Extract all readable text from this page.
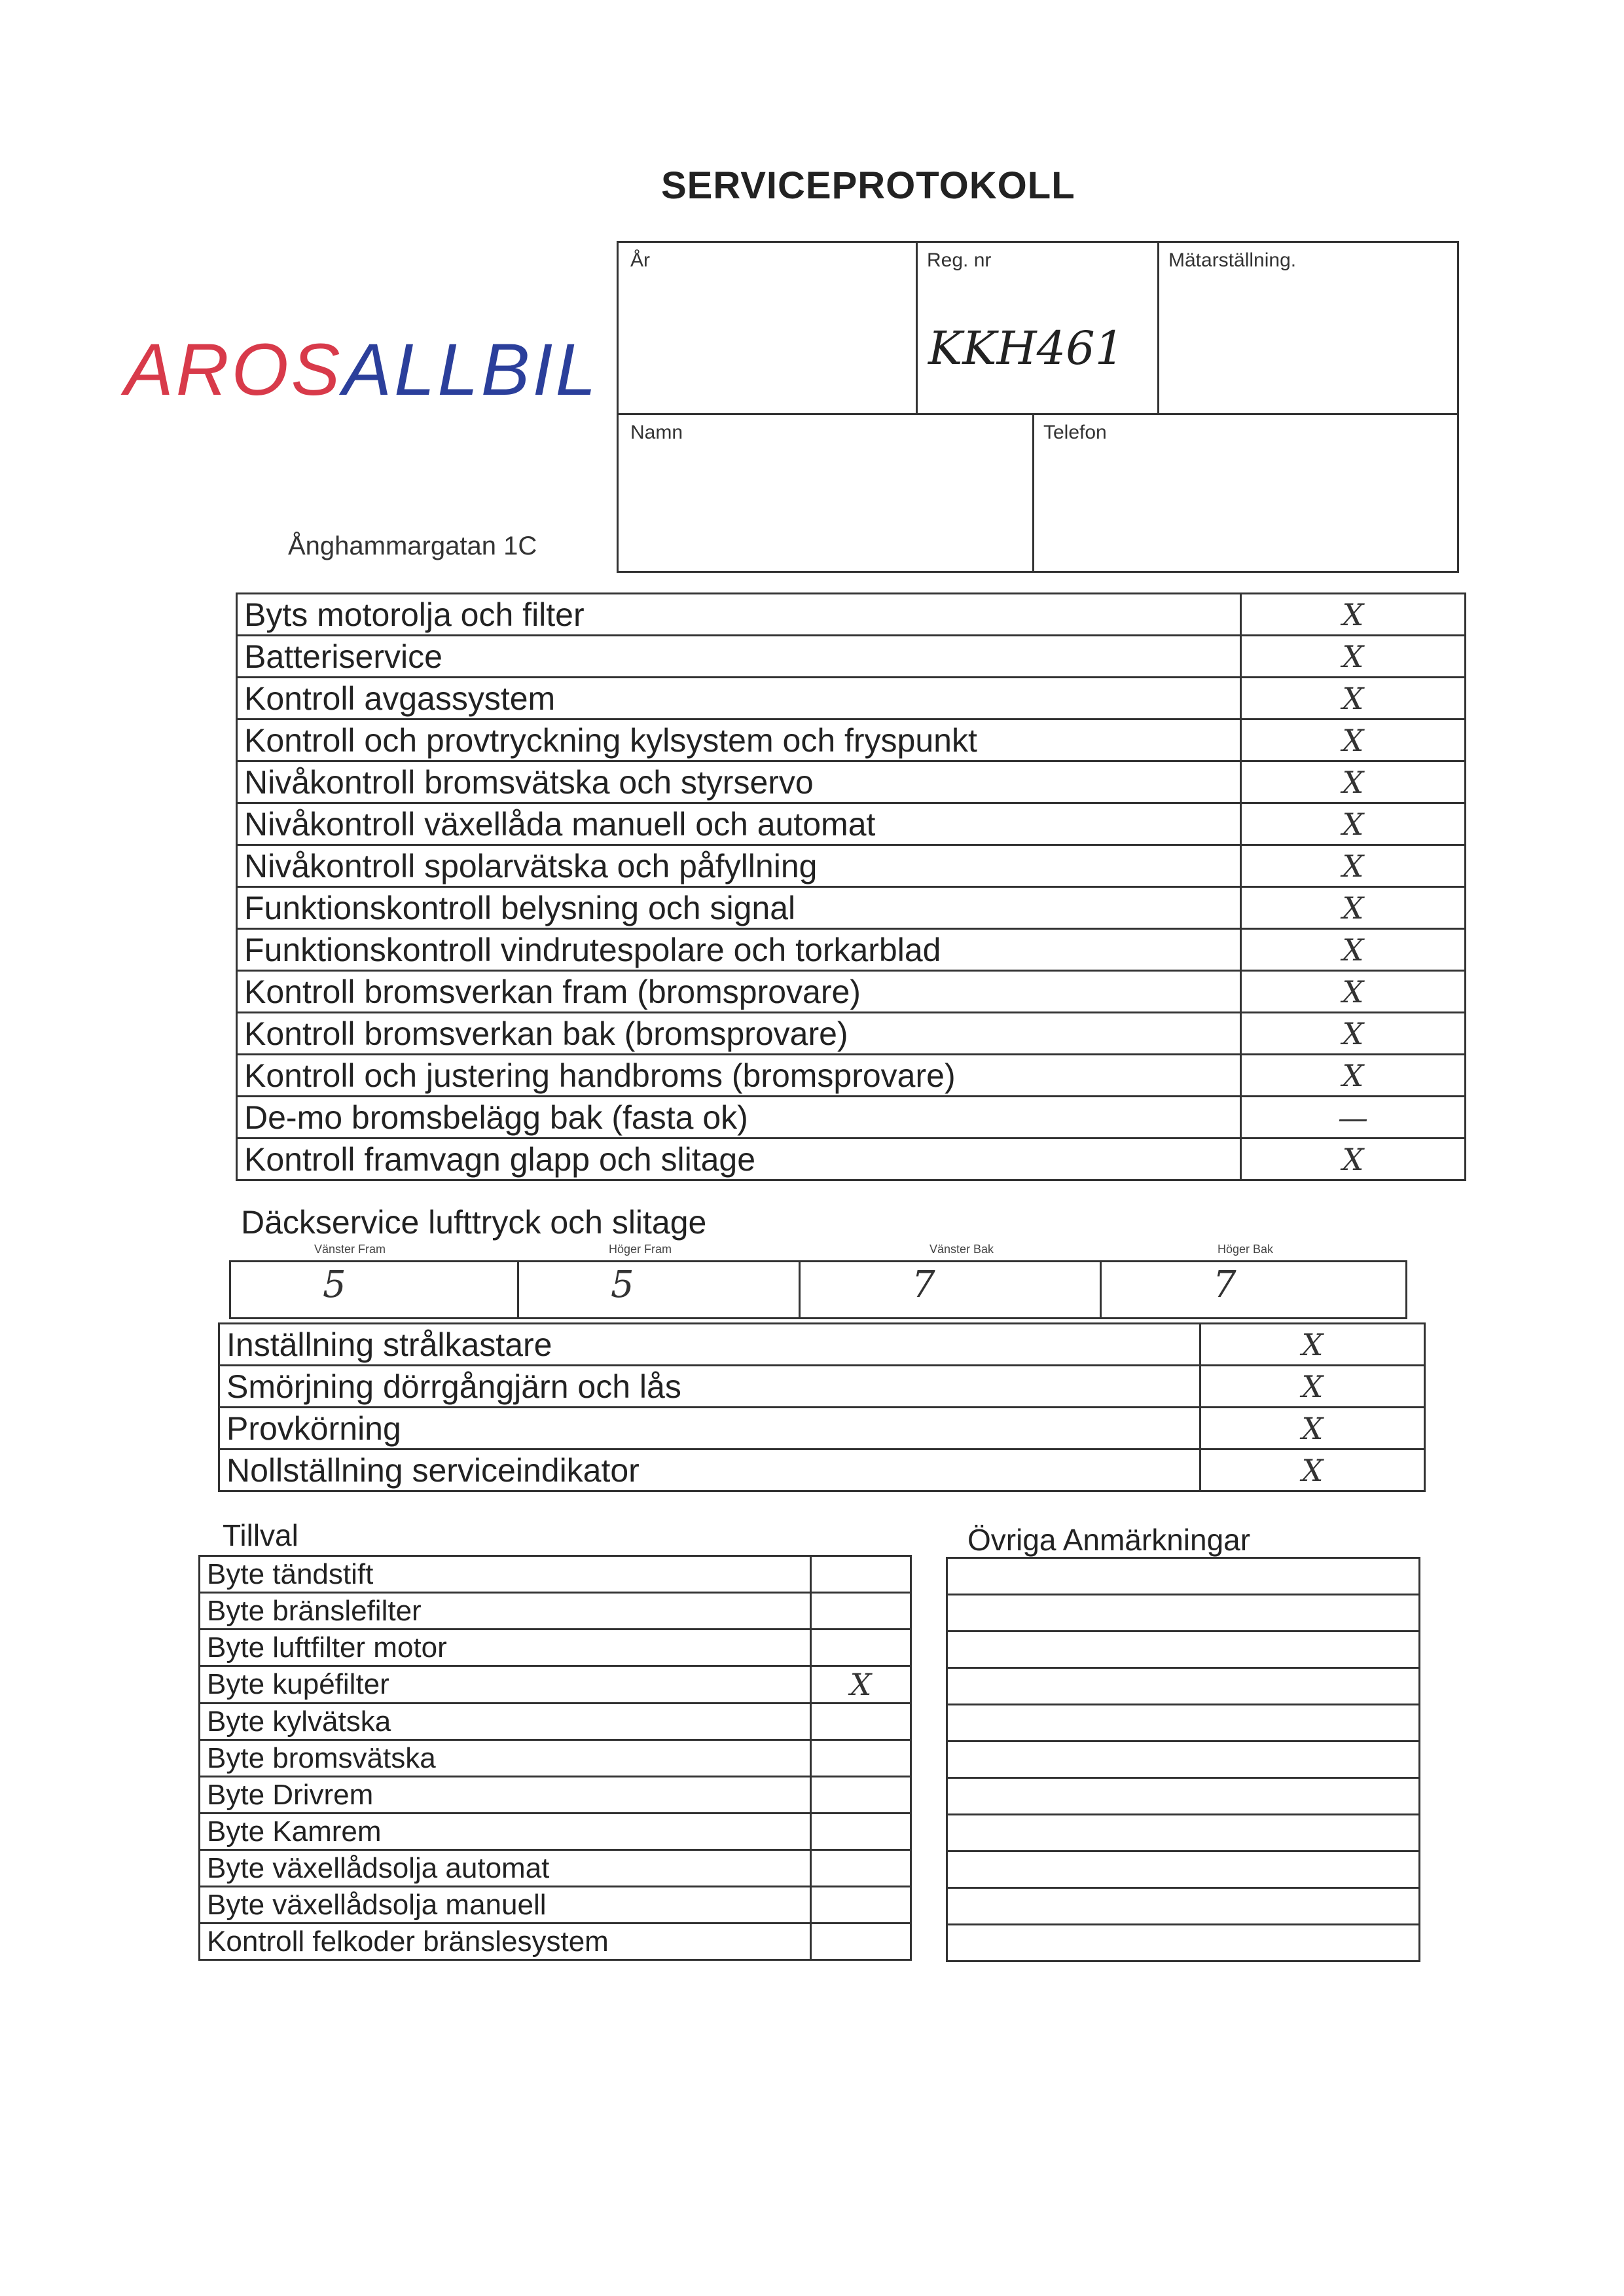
SERVICEPROTOKOLL
AROSALLBIL
Ånghammargatan 1C
År	Reg. nr
KKH461
Mätarställning.
Namn	Telefon
Byts motorolja och filter	X
Batteriservice	X
Kontroll avgassystem	X
Kontroll och provtryckning kylsystem och fryspunkt	X
Nivåkontroll bromsvätska och styrservo	X
Nivåkontroll växellåda manuell och automat	X
Nivåkontroll spolarvätska och påfyllning	X
Funktionskontroll belysning och signal	X
Funktionskontroll vindrutespolare och torkarblad	X
Kontroll bromsverkan fram (bromsprovare)	X
Kontroll bromsverkan bak (bromsprovare)	X
Kontroll och justering handbroms (bromsprovare)	X
De-mo bromsbelägg bak (fasta ok)	—
Kontroll framvagn glapp och slitage	X
Däckservice lufttryck och slitage
Vänster Fram	Höger Fram	Vänster Bak	Höger Bak
5	5	7	7
Inställning strålkastare	X
Smörjning dörrgångjärn och lås	X
Provkörning	X
Nollställning serviceindikator	X
Tillval
Byte tändstift	
Byte bränslefilter	
Byte luftfilter motor	
Byte kupéfilter	X
Byte kylvätska	
Byte bromsvätska	
Byte Drivrem	
Byte Kamrem	
Byte växellådsolja automat	
Byte växellådsolja manuell	
Kontroll felkoder bränslesystem	
Övriga Anmärkningar
